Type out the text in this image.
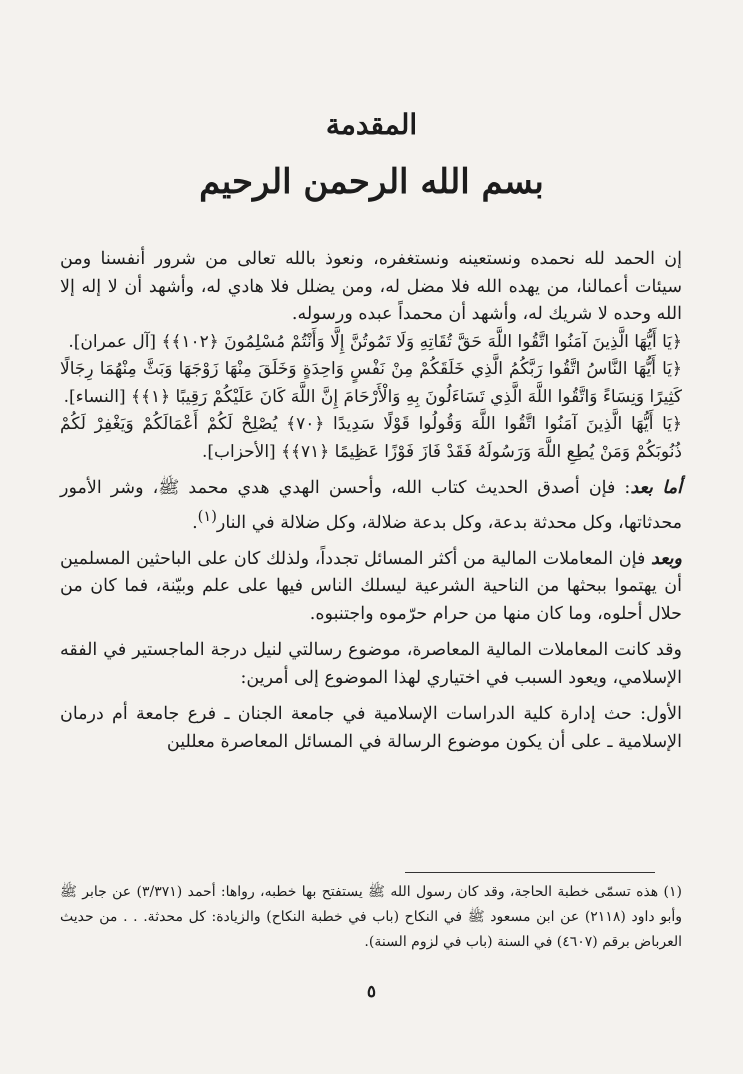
المقدمة
بسم الله الرحمن الرحيم

إن الحمد لله نحمده ونستعينه ونستغفره، ونعوذ بالله تعالى من شرور أنفسنا ومن سيئات أعمالنا، من يهده الله فلا مضل له، ومن يضلل فلا هادي له، وأشهد أن لا إله إلا الله وحده لا شريك له، وأشهد أن محمداً عبده ورسوله.

﴿يَا أَيُّهَا الَّذِينَ آمَنُوا اتَّقُوا اللَّهَ حَقَّ تُقَاتِهِ وَلَا تَمُوتُنَّ إِلَّا وَأَنْتُمْ مُسْلِمُونَ ﴿١٠٢﴾﴾ [آل عمران].

﴿يَا أَيُّهَا النَّاسُ اتَّقُوا رَبَّكُمُ الَّذِي خَلَقَكُمْ مِنْ نَفْسٍ وَاحِدَةٍ وَخَلَقَ مِنْهَا زَوْجَهَا وَبَثَّ مِنْهُمَا رِجَالًا كَثِيرًا وَنِسَاءً وَاتَّقُوا اللَّهَ الَّذِي تَسَاءَلُونَ بِهِ وَالْأَرْحَامَ إِنَّ اللَّهَ كَانَ عَلَيْكُمْ رَقِيبًا ﴿١﴾﴾ [النساء].

﴿يَا أَيُّهَا الَّذِينَ آمَنُوا اتَّقُوا اللَّهَ وَقُولُوا قَوْلًا سَدِيدًا ﴿٧٠﴾ يُصْلِحْ لَكُمْ أَعْمَالَكُمْ وَيَغْفِرْ لَكُمْ ذُنُوبَكُمْ وَمَنْ يُطِعِ اللَّهَ وَرَسُولَهُ فَقَدْ فَازَ فَوْزًا عَظِيمًا ﴿٧١﴾﴾ [الأحزاب].

أما بعد: فإن أصدق الحديث كتاب الله، وأحسن الهدي هدي محمد ﷺ، وشر الأمور محدثاتها، وكل محدثة بدعة، وكل بدعة ضلالة، وكل ضلالة في النار$^{(١)}$.

وبعد فإن المعاملات المالية من أكثر المسائل تجدداً، ولذلك كان على الباحثين المسلمين أن يهتموا ببحثها من الناحية الشرعية ليسلك الناس فيها على علم وبيّنة، فما كان من حلال أحلوه، وما كان منها من حرام حرّموه واجتنبوه.

وقد كانت المعاملات المالية المعاصرة، موضوع رسالتي لنيل درجة الماجستير في الفقه الإسلامي، ويعود السبب في اختياري لهذا الموضوع إلى أمرين:

الأول: حث إدارة كلية الدراسات الإسلامية في جامعة الجنان ـ فرع جامعة أم درمان الإسلامية ـ على أن يكون موضوع الرسالة في المسائل المعاصرة معللين

(١) هذه تسمّى خطبة الحاجة، وقد كان رسول الله ﷺ يستفتح بها خطبه، رواها: أحمد (٣/٣٧١) عن جابر ﷺ وأبو داود (٢١١٨) عن ابن مسعود ﷺ في النكاح (باب في خطبة النكاح) والزيادة: كل محدثة. . . من حديث العرباض برقم (٤٦٠٧) في السنة (باب في لزوم السنة).

٥
